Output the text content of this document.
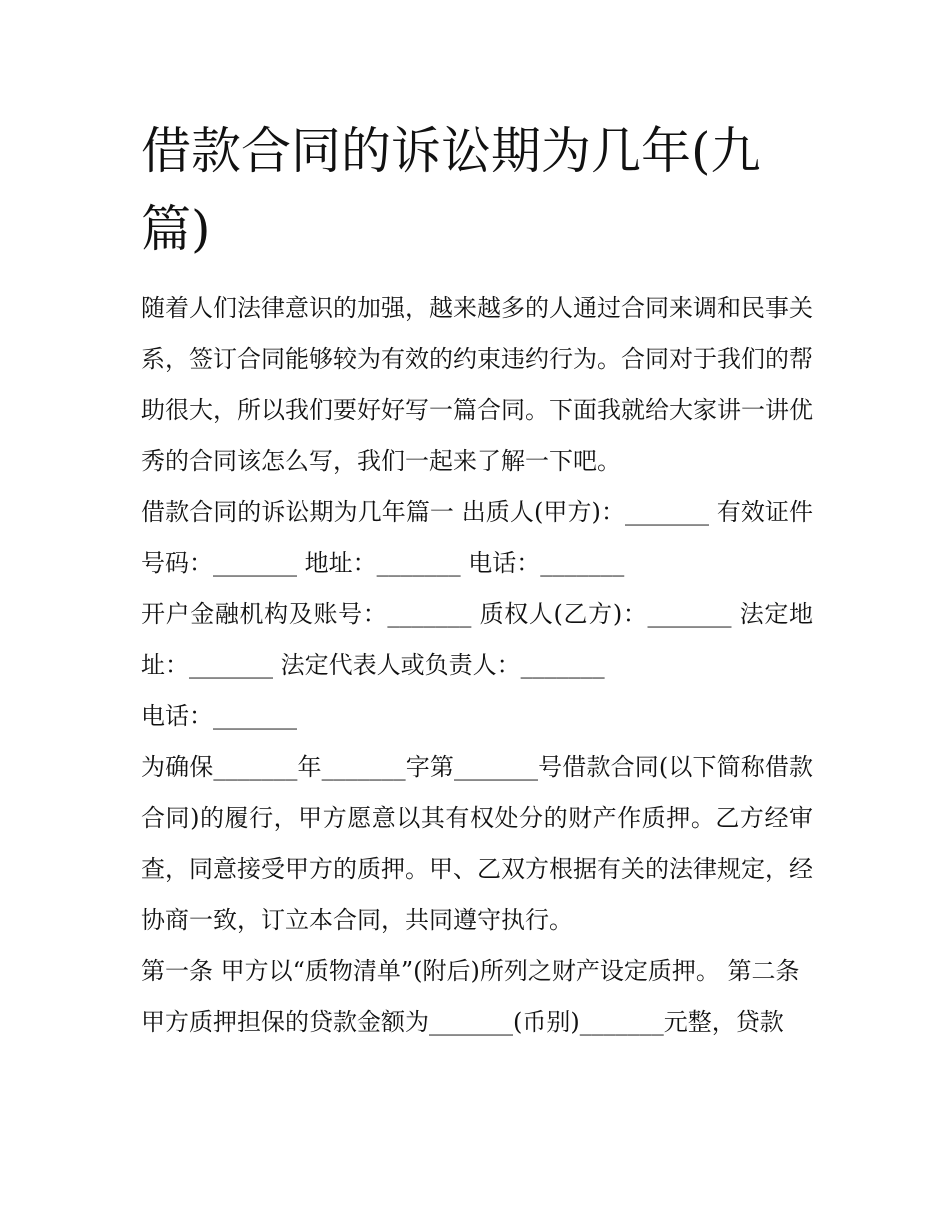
借款合同的诉讼期为几年(九篇)

随着人们法律意识的加强，越来越多的人通过合同来调和民事关系，签订合同能够较为有效的约束违约行为。合同对于我们的帮助很大，所以我们要好好写一篇合同。下面我就给大家讲一讲优秀的合同该怎么写，我们一起来了解一下吧。

借款合同的诉讼期为几年篇一 出质人(甲方)：_______ 有效证件号码：_______ 地址：_______ 电话：_______

开户金融机构及账号：_______ 质权人(乙方)：_______ 法定地址：_______ 法定代表人或负责人：_______

电话：_______

为确保_______年_______字第_______号借款合同(以下简称借款合同)的履行，甲方愿意以其有权处分的财产作质押。乙方经审查，同意接受甲方的质押。甲、乙双方根据有关的法律规定，经协商一致，订立本合同，共同遵守执行。

第一条 甲方以“质物清单”(附后)所列之财产设定质押。 第二条

甲方质押担保的贷款金额为_______(币别)_______元整，贷款
